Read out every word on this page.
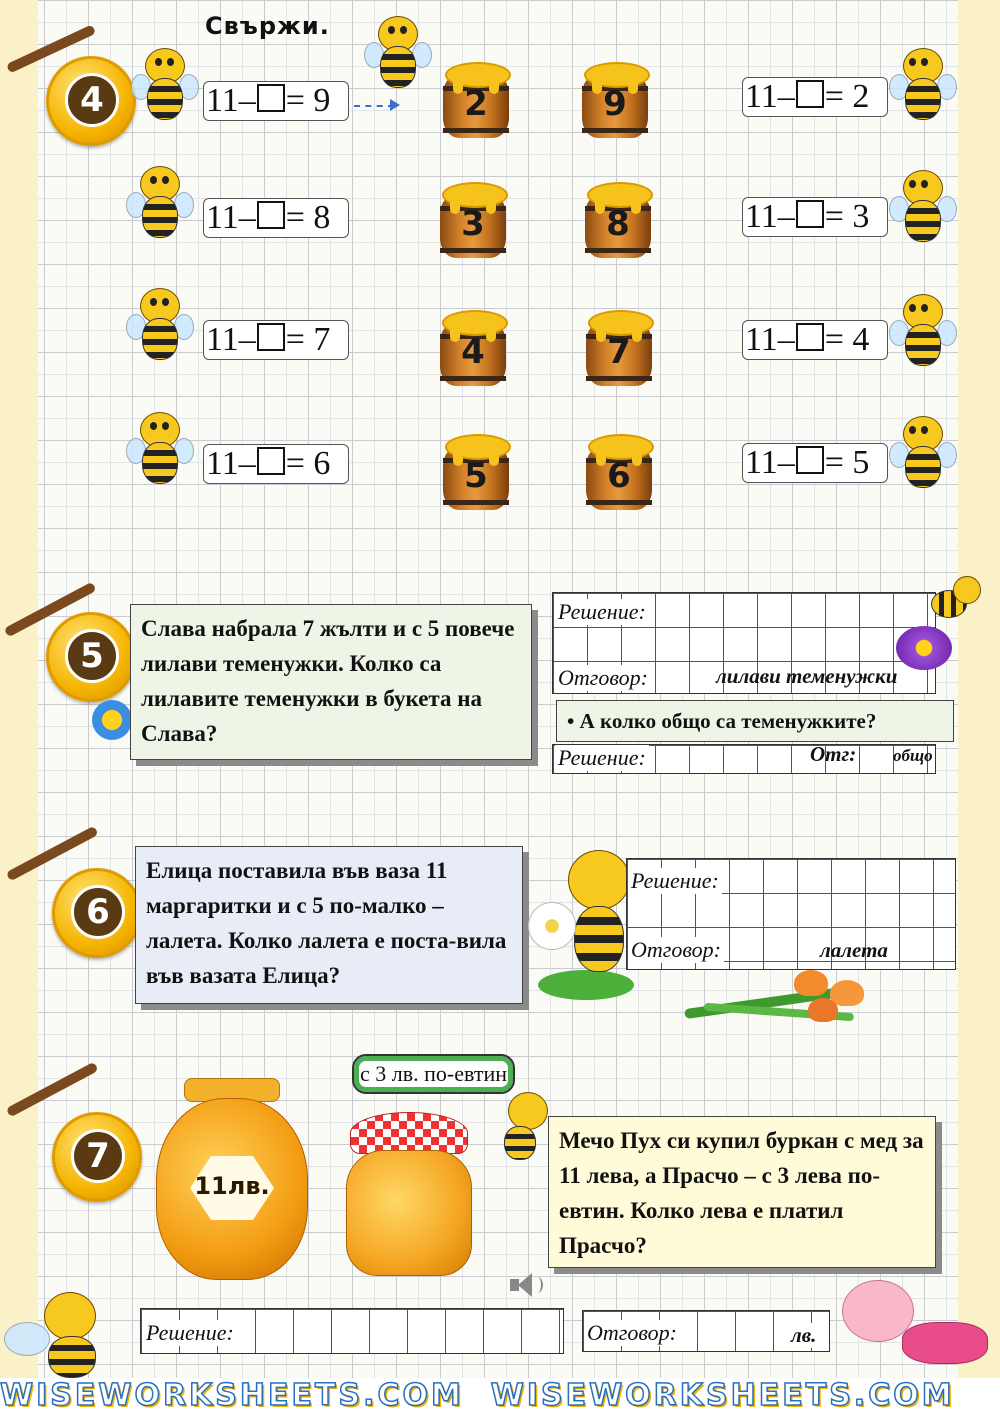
Свържи.
4	11– = 9
11– = 8
11– = 7
11– = 6
2
3
4
5
9
8
7
6
11– = 2
11– = 3
11– = 4
11– = 5
5
Слава набрала 7 жълти и с 5 повече лилави теменужки. Колко са лилавите теменужки в букета на Слава?
Решение:
Отговор:	лилави теменужки
• А колко общо са теменужките?
Решение:	Отг: общо
6
Елица поставила във ваза 11 маргаритки и с 5 по-малко – лалета. Колко лалета е поста-вила във вазата Елица?
Решение:
Отговор:	лалета
7
11лв.
с 3 лв. по-евтин
Мечо Пух си купил буркан с мед за 11 лева, а Прасчо – с 3 лева по-евтин. Колко лева е платил Прасчо?
Решение:	Отговор:	лв.
WISEWORKSHEETS.COM WISEWORKSHEETS.COM
